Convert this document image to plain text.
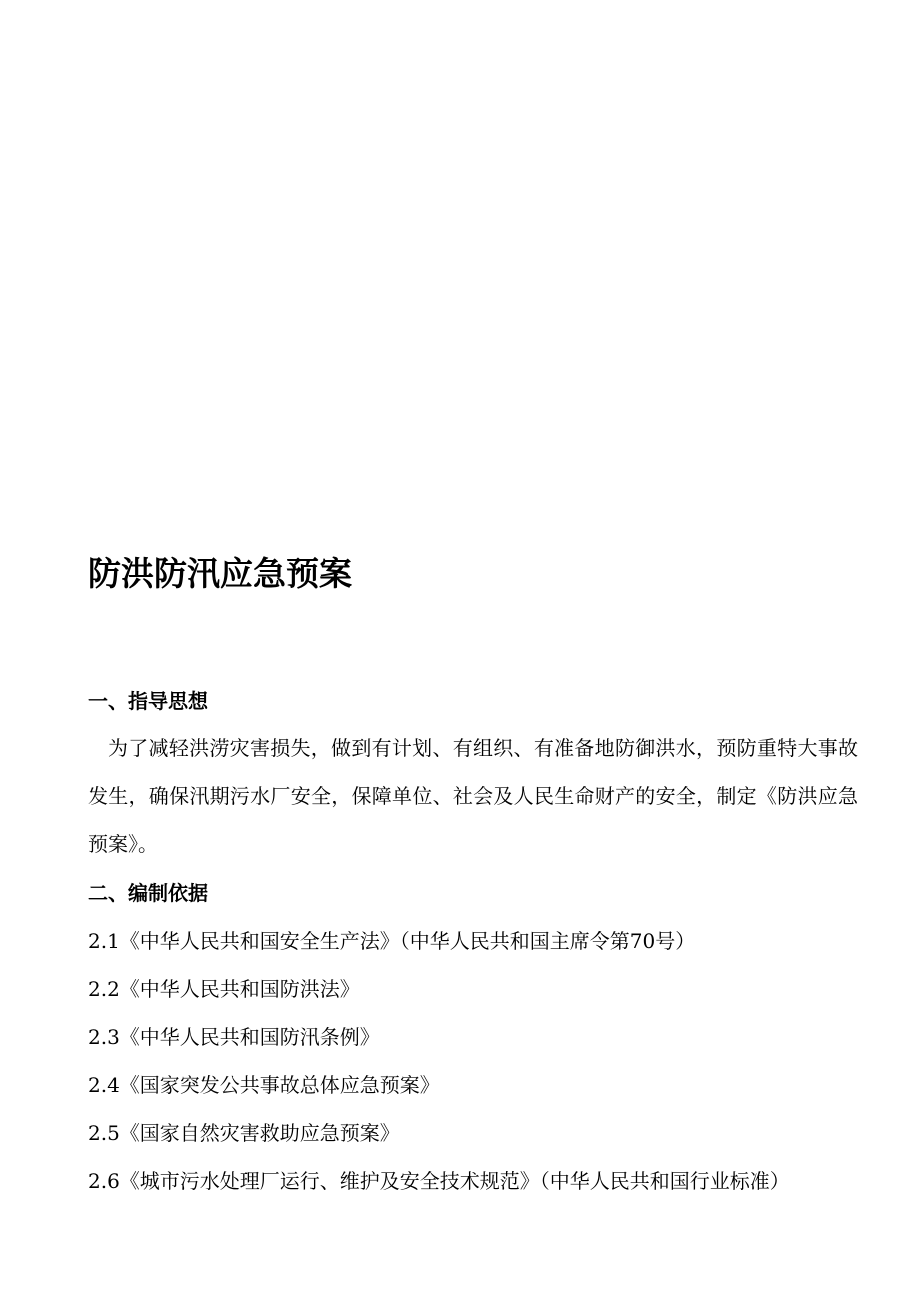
防洪防汛应急预案
一、指导思想
为了减轻洪涝灾害损失，做到有计划、有组织、有准备地防御洪水，预防重特大事故发生，确保汛期污水厂安全，保障单位、社会及人民生命财产的安全，制定《防洪应急预案》。
二、编制依据
2.1《中华人民共和国安全生产法》（中华人民共和国主席令第70号）
2.2《中华人民共和国防洪法》
2.3《中华人民共和国防汛条例》
2.4《国家突发公共事故总体应急预案》
2.5《国家自然灾害救助应急预案》
2.6《城市污水处理厂运行、维护及安全技术规范》（中华人民共和国行业标准）
